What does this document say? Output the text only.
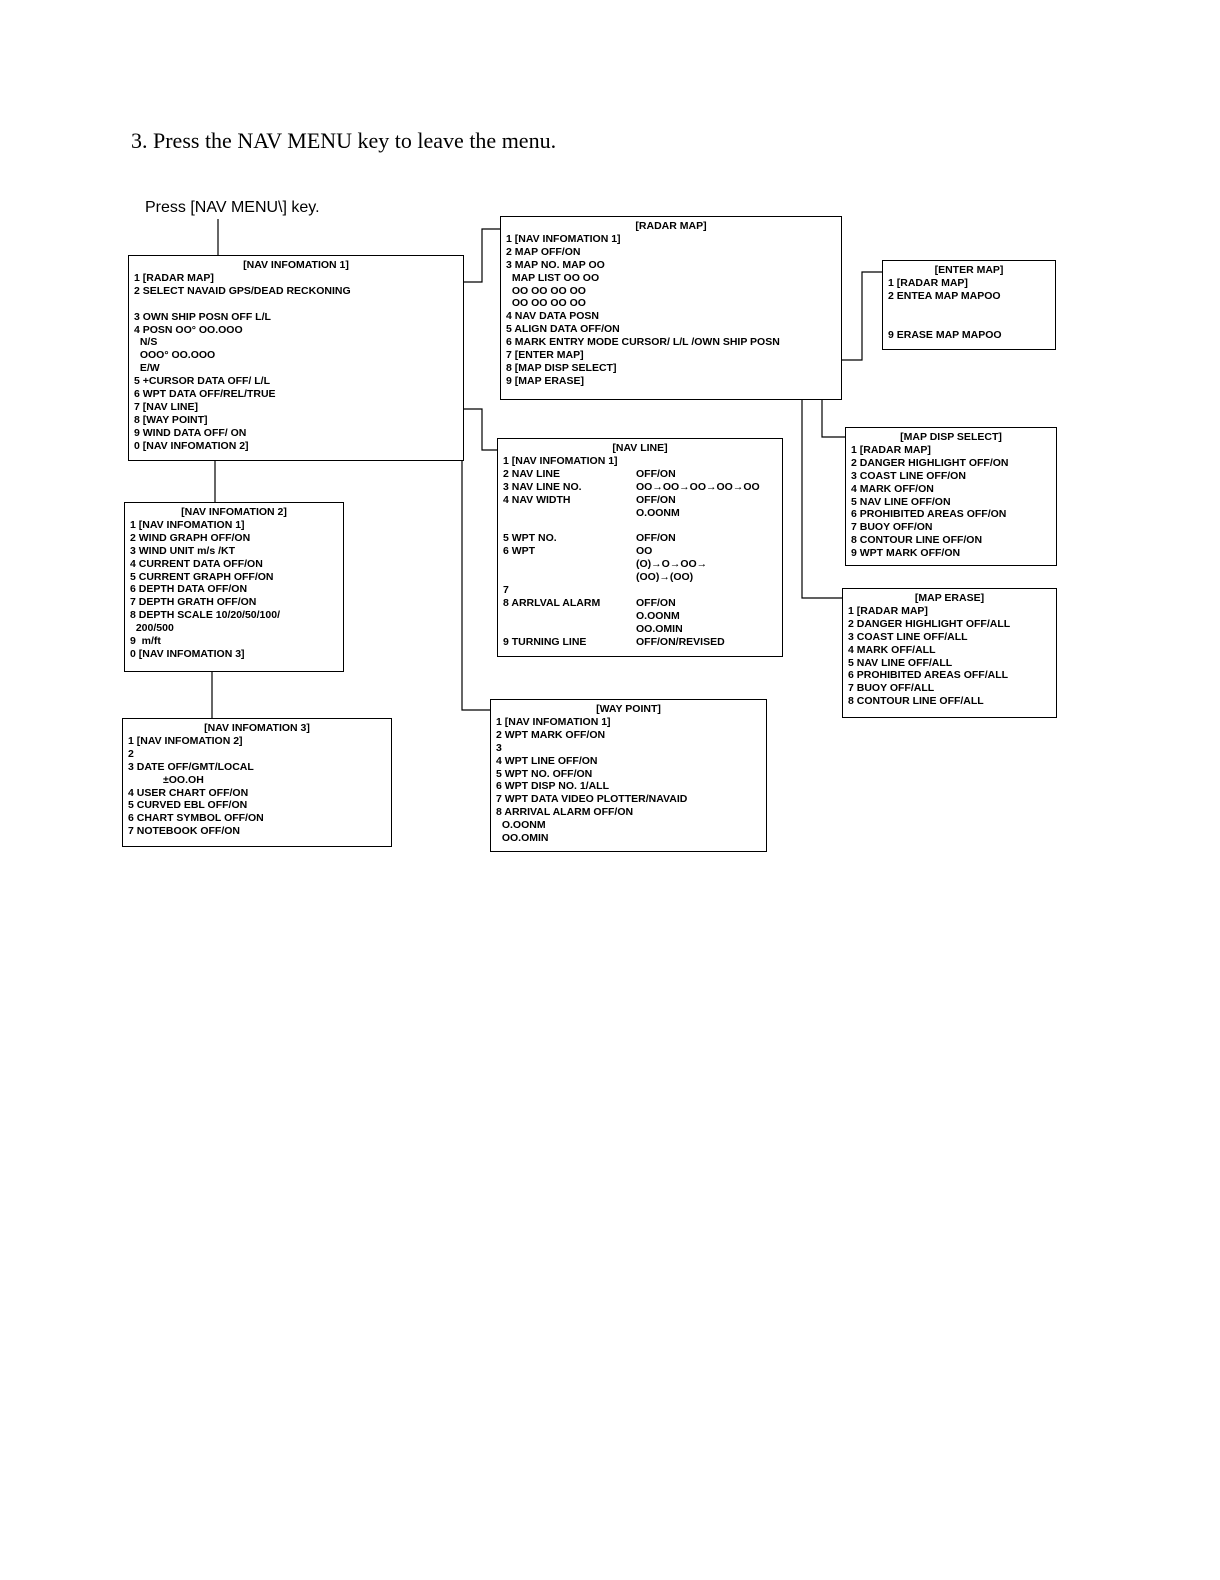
3. Press the NAV MENU key to leave the menu.
Press [NAV MENU\] key.
[NAV INFOMATION 1]
1 [RADAR MAP]
2 SELECT NAVAID GPS/DEAD RECKONING
3 OWN SHIP POSN OFF L/L
4 POSN OO° OO.OOO
N/S
OOO° OO.OOO
E/W
5 +CURSOR DATA OFF/ L/L
6 WPT DATA OFF/REL/TRUE
7 [NAV LINE]
8 [WAY POINT]
9 WIND DATA OFF/ ON
0 [NAV INFOMATION 2]
[NAV INFOMATION 2]
1 [NAV INFOMATION 1]
2 WIND GRAPH OFF/ON
3 WIND UNIT m/s /KT
4 CURRENT DATA OFF/ON
5 CURRENT GRAPH OFF/ON
6 DEPTH DATA OFF/ON
7 DEPTH GRATH OFF/ON
8 DEPTH SCALE 10/20/50/100/
200/500
9  m/ft
0 [NAV INFOMATION 3]
[NAV INFOMATION 3]
1 [NAV INFOMATION 2]
2
3 DATE OFF/GMT/LOCAL
±OO.OH
4 USER CHART OFF/ON
5 CURVED EBL OFF/ON
6 CHART SYMBOL OFF/ON
7 NOTEBOOK OFF/ON
[RADAR MAP]
1 [NAV INFOMATION 1]
2 MAP OFF/ON
3 MAP NO. MAP OO
MAP LIST OO OO
OO OO OO OO
OO OO OO OO
4 NAV DATA POSN
5 ALIGN DATA OFF/ON
6 MARK ENTRY MODE CURSOR/ L/L /OWN SHIP POSN
7 [ENTER MAP]
8 [MAP DISP SELECT]
9 [MAP ERASE]
[ENTER MAP]
1 [RADAR MAP]
2 ENTEA MAP MAPOO
9 ERASE MAP MAPOO
[MAP DISP SELECT]
1 [RADAR MAP]
2 DANGER HIGHLIGHT OFF/ON
3 COAST LINE OFF/ON
4 MARK OFF/ON
5 NAV LINE OFF/ON
6 PROHIBITED AREAS OFF/ON
7 BUOY OFF/ON
8 CONTOUR LINE OFF/ON
9 WPT MARK OFF/ON
[MAP ERASE]
1 [RADAR MAP]
2 DANGER HIGHLIGHT OFF/ALL
3 COAST LINE OFF/ALL
4 MARK OFF/ALL
5 NAV LINE OFF/ALL
6 PROHIBITED AREAS OFF/ALL
7 BUOY OFF/ALL
8 CONTOUR LINE OFF/ALL
[NAV LINE]
1 [NAV INFOMATION 1]
2 NAV LINE	OFF/ON
3 NAV LINE NO.	OO→OO→OO→OO→OO
4 NAV WIDTH	OFF/ON
O.OONM
5 WPT NO.	OFF/ON
6 WPT	OO
(O)→O→OO→
(OO)→(OO)
7
8 ARRLVAL ALARM	OFF/ON
O.OONM
OO.OMIN
9 TURNING LINE	OFF/ON/REVISED
[WAY POINT]
1 [NAV INFOMATION 1]
2 WPT MARK OFF/ON
3
4 WPT LINE OFF/ON
5 WPT NO. OFF/ON
6 WPT DISP NO. 1/ALL
7 WPT DATA VIDEO PLOTTER/NAVAID
8 ARRIVAL ALARM OFF/ON
O.OONM
OO.OMIN
